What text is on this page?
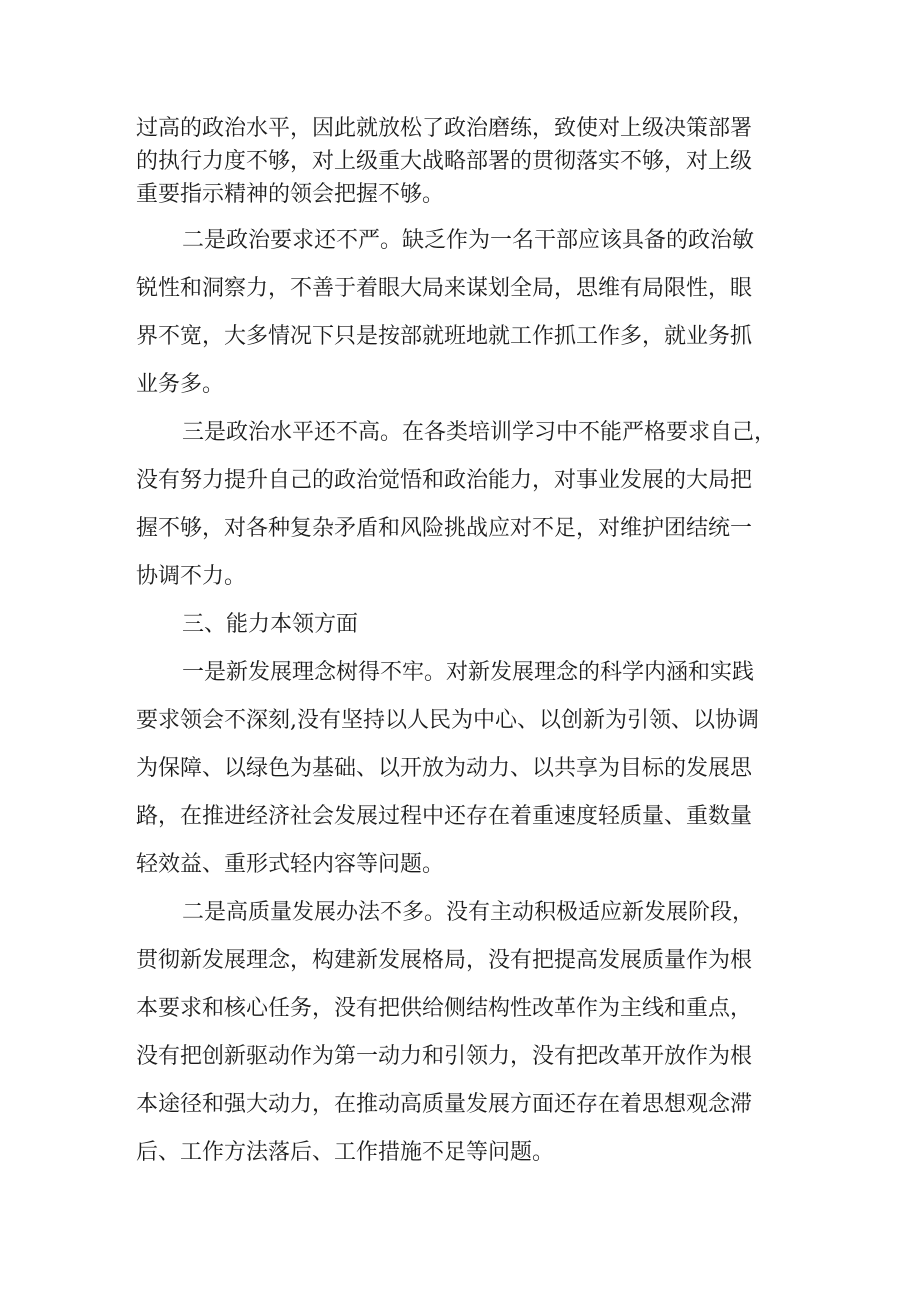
过高的政治水平，因此就放松了政治磨练，致使对上级决策部署
的执行力度不够，对上级重大战略部署的贯彻落实不够，对上级
重要指示精神的领会把握不够。
二是政治要求还不严。缺乏作为一名干部应该具备的政治敏
锐性和洞察力，不善于着眼大局来谋划全局，思维有局限性，眼
界不宽，大多情况下只是按部就班地就工作抓工作多，就业务抓
业务多。
三是政治水平还不高。在各类培训学习中不能严格要求自己，
没有努力提升自己的政治觉悟和政治能力，对事业发展的大局把
握不够，对各种复杂矛盾和风险挑战应对不足，对维护团结统一
协调不力。
三、能力本领方面
一是新发展理念树得不牢。对新发展理念的科学内涵和实践
要求领会不深刻,没有坚持以人民为中心、以创新为引领、以协调
为保障、以绿色为基础、以开放为动力、以共享为目标的发展思
路，在推进经济社会发展过程中还存在着重速度轻质量、重数量
轻效益、重形式轻内容等问题。
二是高质量发展办法不多。没有主动积极适应新发展阶段，
贯彻新发展理念，构建新发展格局，没有把提高发展质量作为根
本要求和核心任务，没有把供给侧结构性改革作为主线和重点，
没有把创新驱动作为第一动力和引领力，没有把改革开放作为根
本途径和强大动力，在推动高质量发展方面还存在着思想观念滞
后、工作方法落后、工作措施不足等问题。
